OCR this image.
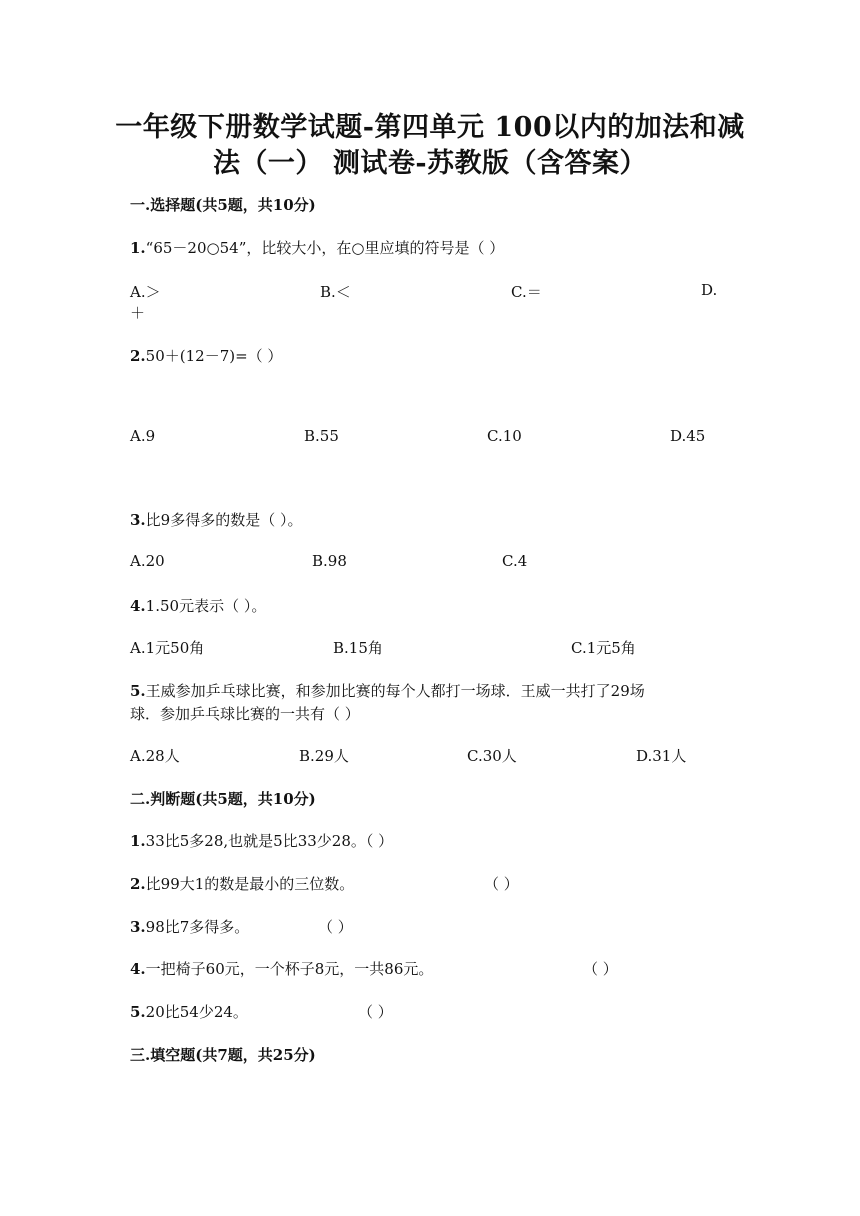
一年级下册数学试题-第四单元 100以内的加法和减
法（一） 测试卷-苏教版（含答案）
一.选择题(共5题，共10分)
1.“65－20○54”，比较大小，在○里应填的符号是（ ）
A.＞	B.＜	C.＝	D.
＋
2.50＋(12－7)=（ ）
A.9	B.55	C.10	D.45
3.比9多得多的数是（ ）。
A.20	B.98	C.4
4.1.50元表示（ ）。
A.1元50角	B.15角	C.1元5角
5.王威参加乒乓球比赛，和参加比赛的每个人都打一场球．王威一共打了29场
球．参加乒乓球比赛的一共有（ ）
A.28人	B.29人	C.30人	D.31人
二.判断题(共5题，共10分)
1.33比5多28,也就是5比33少28。（ ）
2.比99大1的数是最小的三位数。	（ ）
3.98比7多得多。	（ ）
4.一把椅子60元，一个杯子8元，一共86元。	（ ）
5.20比54少24。	（ ）
三.填空题(共7题，共25分)
